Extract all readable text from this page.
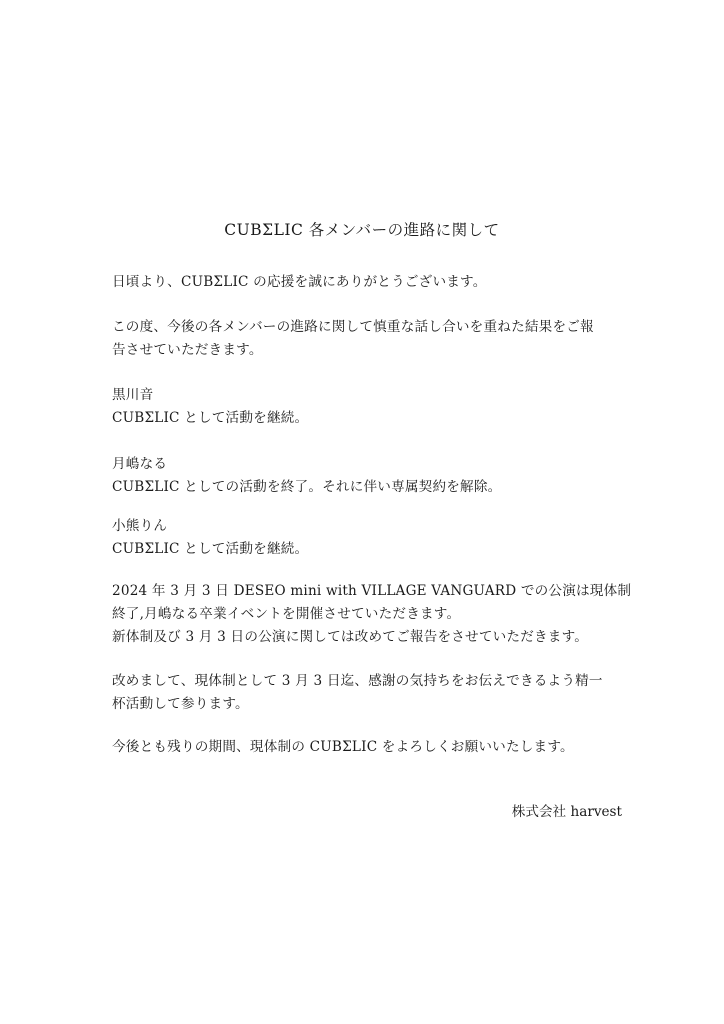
CUBΣLIC 各メンバーの進路に関して

日頃より、CUBΣLIC の応援を誠にありがとうございます。

この度、今後の各メンバーの進路に関して慎重な話し合いを重ねた結果をご報
告させていただきます。

黒川音
CUBΣLIC として活動を継続。

月嶋なる
CUBΣLIC としての活動を終了。それに伴い専属契約を解除。

小熊りん
CUBΣLIC として活動を継続。

2024 年 3 月 3 日 DESEO mini with VILLAGE VANGUARD での公演は現体制
終了,月嶋なる卒業イベントを開催させていただきます。
新体制及び 3 月 3 日の公演に関しては改めてご報告をさせていただきます。

改めまして、現体制として 3 月 3 日迄、感謝の気持ちをお伝えできるよう精一
杯活動して参ります。

今後とも残りの期間、現体制の CUBΣLIC をよろしくお願いいたします。

株式会社 harvest
